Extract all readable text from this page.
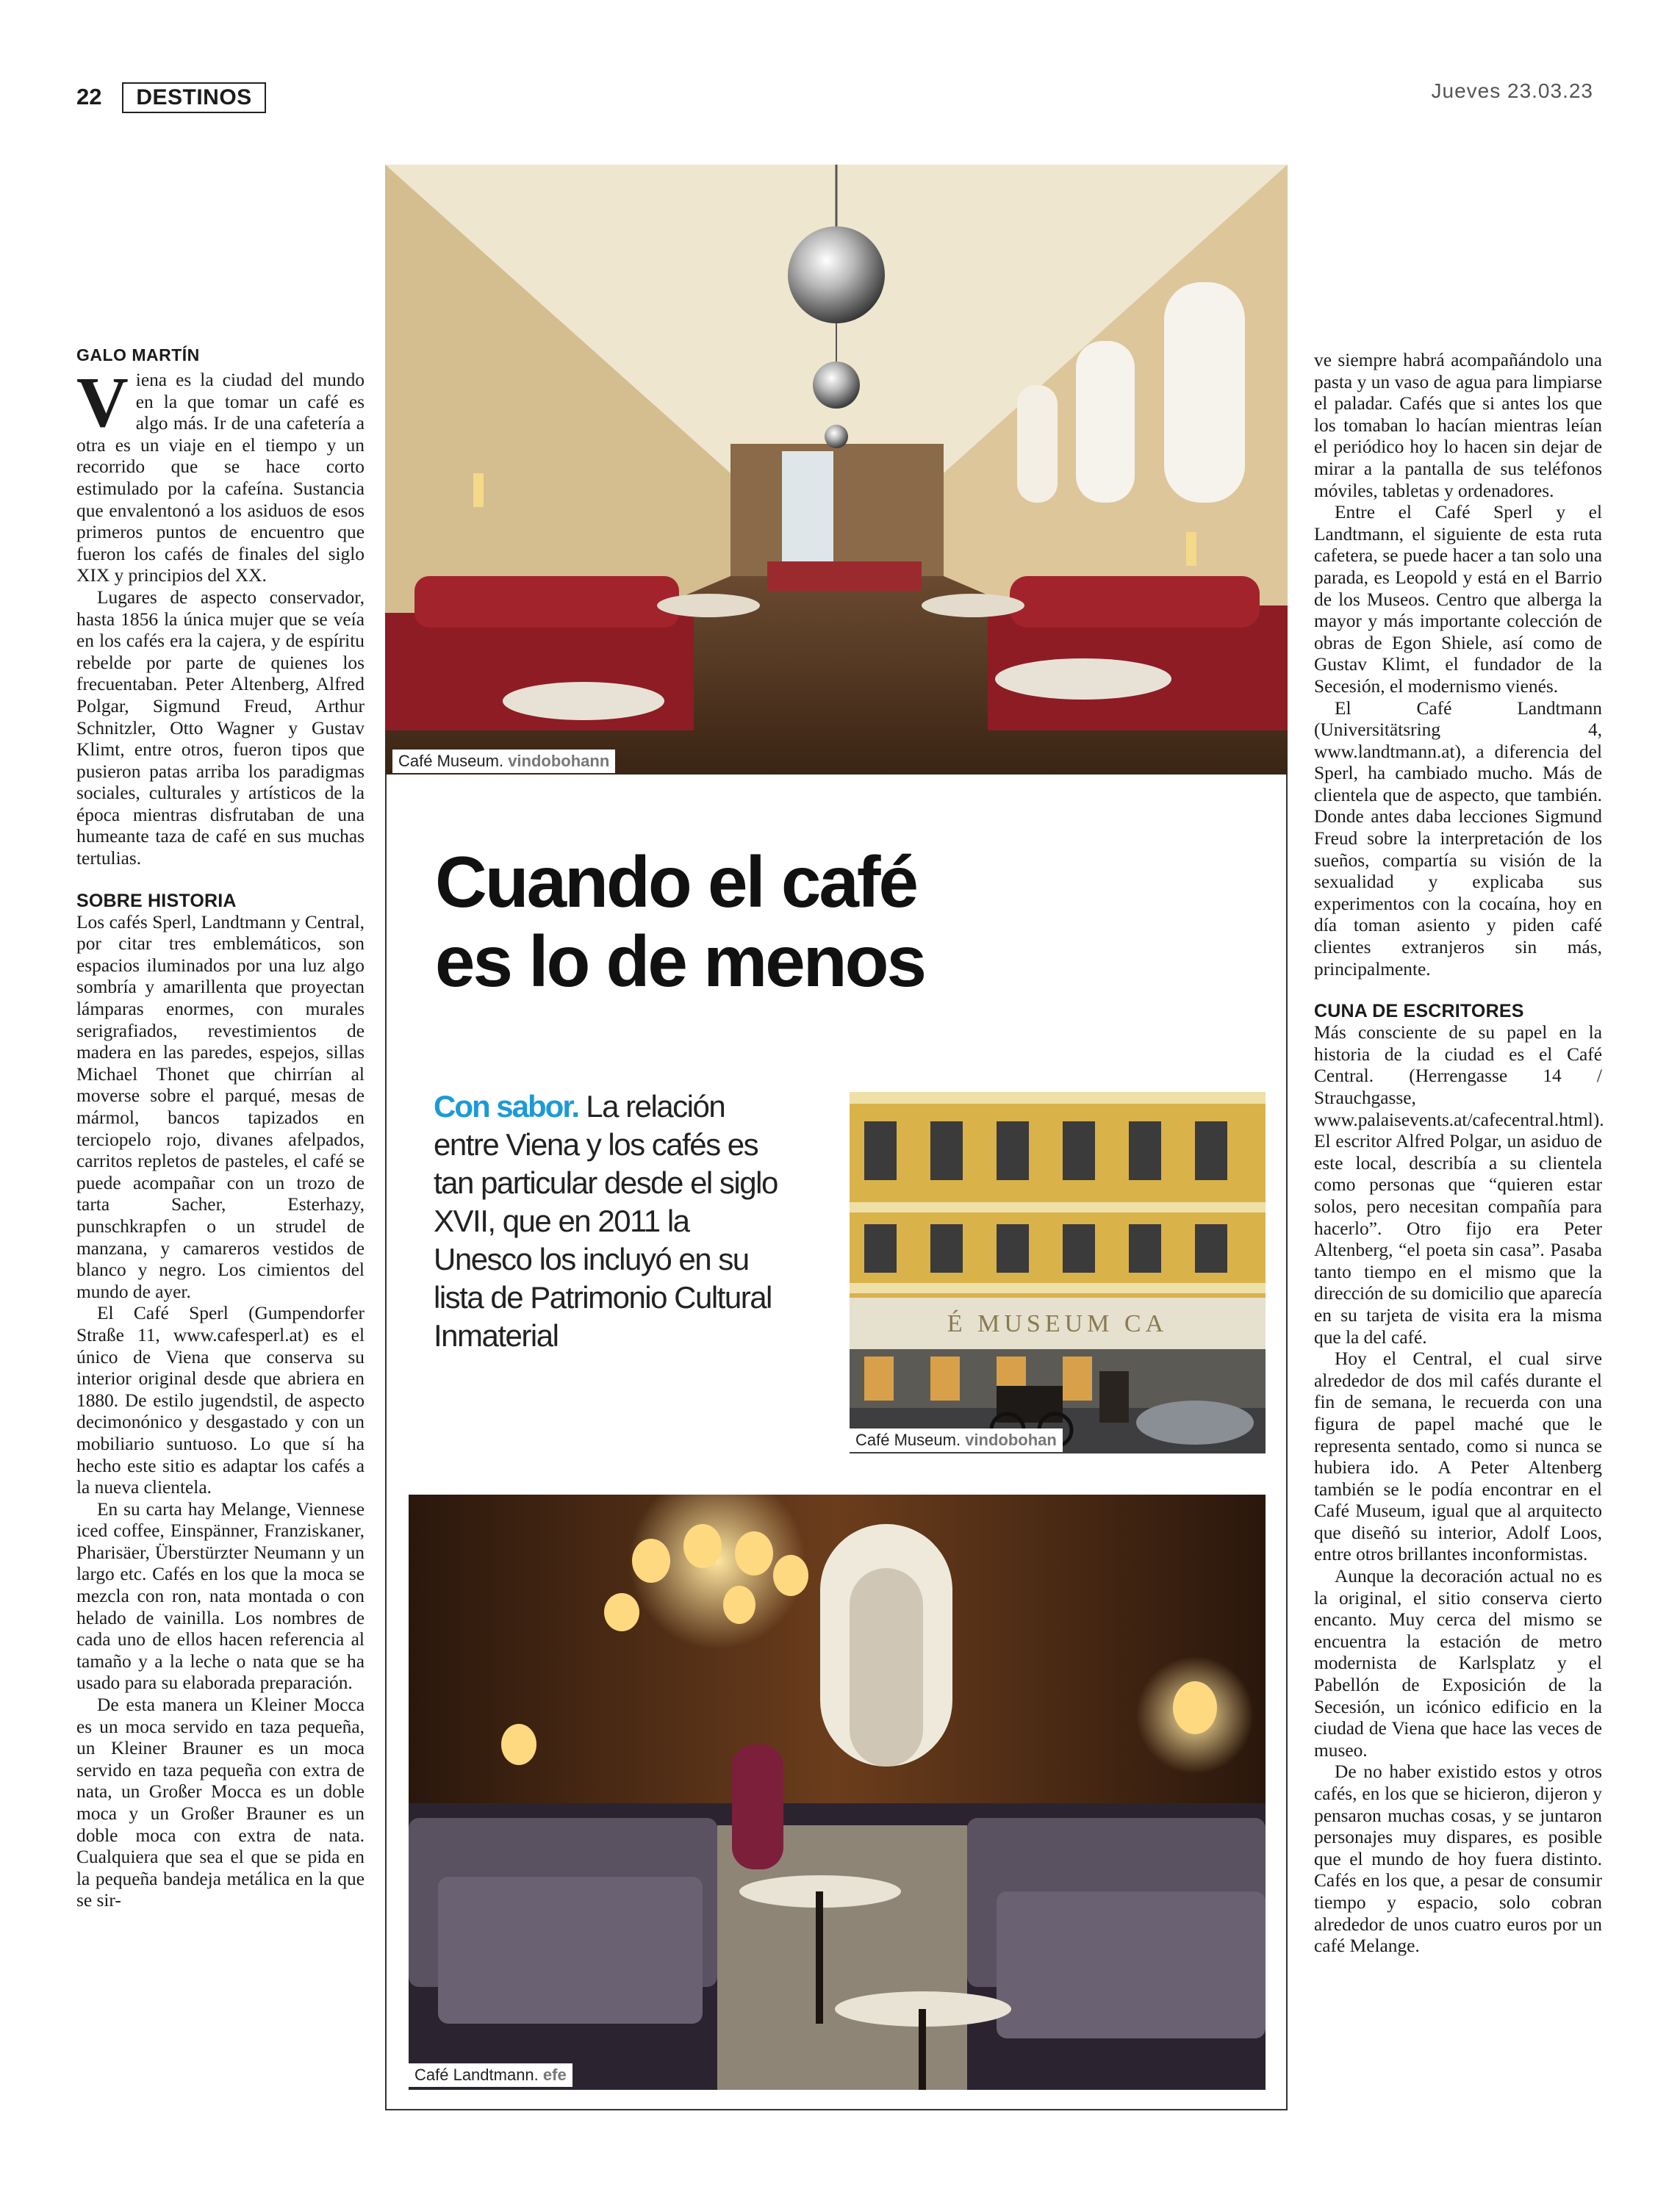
22	DESTINOS	Jueves 23.03.23
GALO MARTÍN

Viena es la ciudad del mundo en la que tomar un café es algo más. Ir de una cafetería a otra es un viaje en el tiempo y un recorrido que se hace corto estimulado por la cafeína. Sustancia que envalentonó a los asiduos de esos primeros puntos de encuentro que fueron los cafés de finales del siglo XIX y principios del XX.

Lugares de aspecto conservador, hasta 1856 la única mujer que se veía en los cafés era la cajera, y de espíritu rebelde por parte de quienes los frecuentaban. Peter Altenberg, Alfred Polgar, Sigmund Freud, Arthur Schnitzler, Otto Wagner y Gustav Klimt, entre otros, fueron tipos que pusieron patas arriba los paradigmas sociales, culturales y artísticos de la época mientras disfrutaban de una humeante taza de café en sus muchas tertulias.

SOBRE HISTORIA

Los cafés Sperl, Landtmann y Central, por citar tres emblemáticos, son espacios iluminados por una luz algo sombría y amarillenta que proyectan lámparas enormes, con murales serigrafiados, revestimientos de madera en las paredes, espejos, sillas Michael Thonet que chirrían al moverse sobre el parqué, mesas de mármol, bancos tapizados en terciopelo rojo, divanes afelpados, carritos repletos de pasteles, el café se puede acompañar con un trozo de tarta Sacher, Esterhazy, punschkrapfen o un strudel de manzana, y camareros vestidos de blanco y negro. Los cimientos del mundo de ayer.

El Café Sperl (Gumpendorfer Straße 11, www.cafesperl.at) es el único de Viena que conserva su interior original desde que abriera en 1880. De estilo jugendstil, de aspecto decimonónico y desgastado y con un mobiliario suntuoso. Lo que sí ha hecho este sitio es adaptar los cafés a la nueva clientela.

En su carta hay Melange, Viennese iced coffee, Einspänner, Franziskaner, Pharisäer, Überstürzter Neumann y un largo etc. Cafés en los que la moca se mezcla con ron, nata montada o con helado de vainilla. Los nombres de cada uno de ellos hacen referencia al tamaño y a la leche o nata que se ha usado para su elaborada preparación.

De esta manera un Kleiner Mocca es un moca servido en taza pequeña, un Kleiner Brauner es un moca servido en taza pequeña con extra de nata, un Großer Mocca es un doble moca y un Großer Brauner es un doble moca con extra de nata. Cualquiera que sea el que se pida en la pequeña bandeja metálica en la que se sir-

Café Museum. vindobohann
Cuando el café
es lo de menos
Con sabor. La relación entre Viena y los cafés es tan particular desde el siglo XVII, que en 2011 la Unesco los incluyó en su lista de Patrimonio Cultural Inmaterial	É MUSEUM CA
Café Museum. vindobohan
Café Landtmann. efe

ve siempre habrá acompañándolo una pasta y un vaso de agua para limpiarse el paladar. Cafés que si antes los que los tomaban lo hacían mientras leían el periódico hoy lo hacen sin dejar de mirar a la pantalla de sus teléfonos móviles, tabletas y ordenadores.

Entre el Café Sperl y el Landtmann, el siguiente de esta ruta cafetera, se puede hacer a tan solo una parada, es Leopold y está en el Barrio de los Museos. Centro que alberga la mayor y más importante colección de obras de Egon Shiele, así como de Gustav Klimt, el fundador de la Secesión, el modernismo vienés.

El Café Landtmann (Universitätsring 4, www.landtmann.at), a diferencia del Sperl, ha cambiado mucho. Más de clientela que de aspecto, que también. Donde antes daba lecciones Sigmund Freud sobre la interpretación de los sueños, compartía su visión de la sexualidad y explicaba sus experimentos con la cocaína, hoy en día toman asiento y piden café clientes extranjeros sin más, principalmente.

CUNA DE ESCRITORES

Más consciente de su papel en la historia de la ciudad es el Café Central. (Herrengasse 14 / Strauchgasse, www.palaisevents.at/cafecentral.html). El escritor Alfred Polgar, un asiduo de este local, describía a su clientela como personas que “quieren estar solos, pero necesitan compañía para hacerlo”. Otro fijo era Peter Altenberg, “el poeta sin casa”. Pasaba tanto tiempo en el mismo que la dirección de su domicilio que aparecía en su tarjeta de visita era la misma que la del café.

Hoy el Central, el cual sirve alrededor de dos mil cafés durante el fin de semana, le recuerda con una figura de papel maché que le representa sentado, como si nunca se hubiera ido. A Peter Altenberg también se le podía encontrar en el Café Museum, igual que al arquitecto que diseñó su interior, Adolf Loos, entre otros brillantes inconformistas.

Aunque la decoración actual no es la original, el sitio conserva cierto encanto. Muy cerca del mismo se encuentra la estación de metro modernista de Karlsplatz y el Pabellón de Exposición de la Secesión, un icónico edificio en la ciudad de Viena que hace las veces de museo.

De no haber existido estos y otros cafés, en los que se hicieron, dijeron y pensaron muchas cosas, y se juntaron personajes muy dispares, es posible que el mundo de hoy fuera distinto. Cafés en los que, a pesar de consumir tiempo y espacio, solo cobran alrededor de unos cuatro euros por un café Melange.
